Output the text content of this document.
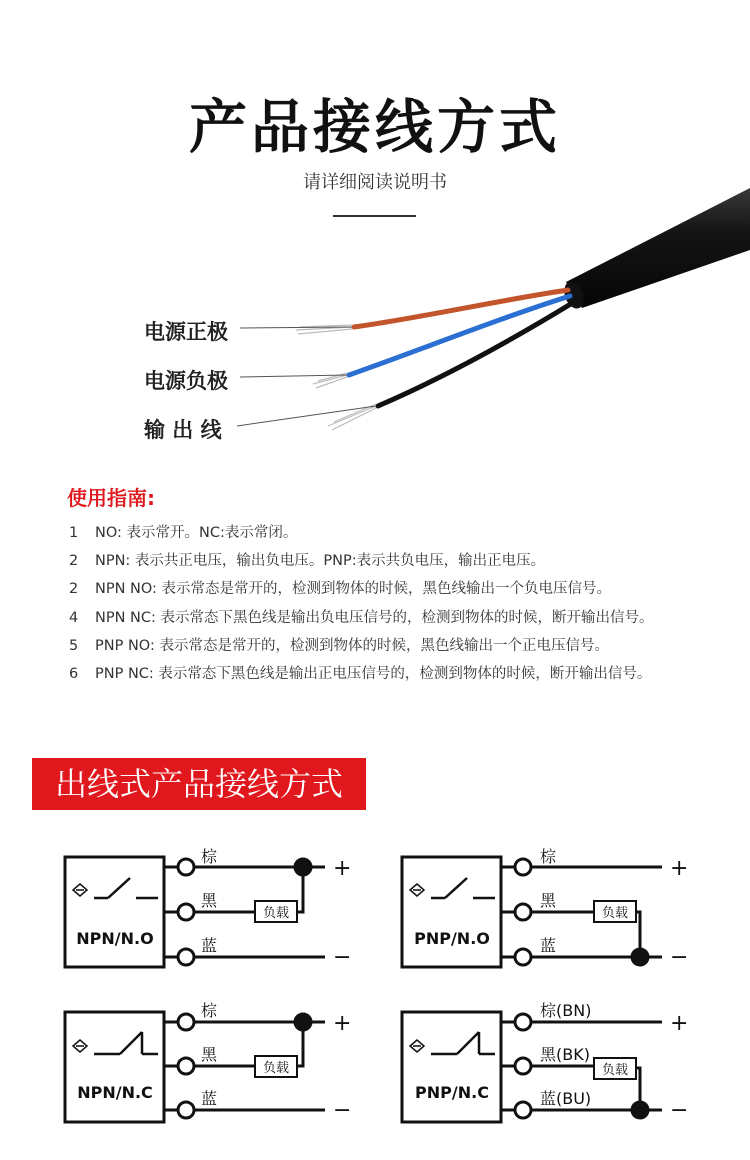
产品接线方式
请详细阅读说明书
电源正极
电源负极
输 出 线
使用指南:
1 NO: 表示常开。NC:表示常闭。
2 NPN: 表示共正电压，输出负电压。PNP:表示共负电压，输出正电压。
2 NPN NO: 表示常态是常开的，检测到物体的时候，黑色线输出一个负电压信号。
4 NPN NC: 表示常态下黑色线是输出负电压信号的，检测到物体的时候，断开输出信号。
5 PNP NO: 表示常态是常开的，检测到物体的时候，黑色线输出一个正电压信号。
6 PNP NC: 表示常态下黑色线是输出正电压信号的，检测到物体的时候，断开输出信号。
出线式产品接线方式
NPN/N.O
棕
黑
蓝
负载
+
−
PNP/N.O
棕
黑
蓝
负载
+
−
NPN/N.C
棕
黑
蓝
负载
+
−
PNP/N.C
棕(BN)
黑(BK)
蓝(BU)
负载
+
−
